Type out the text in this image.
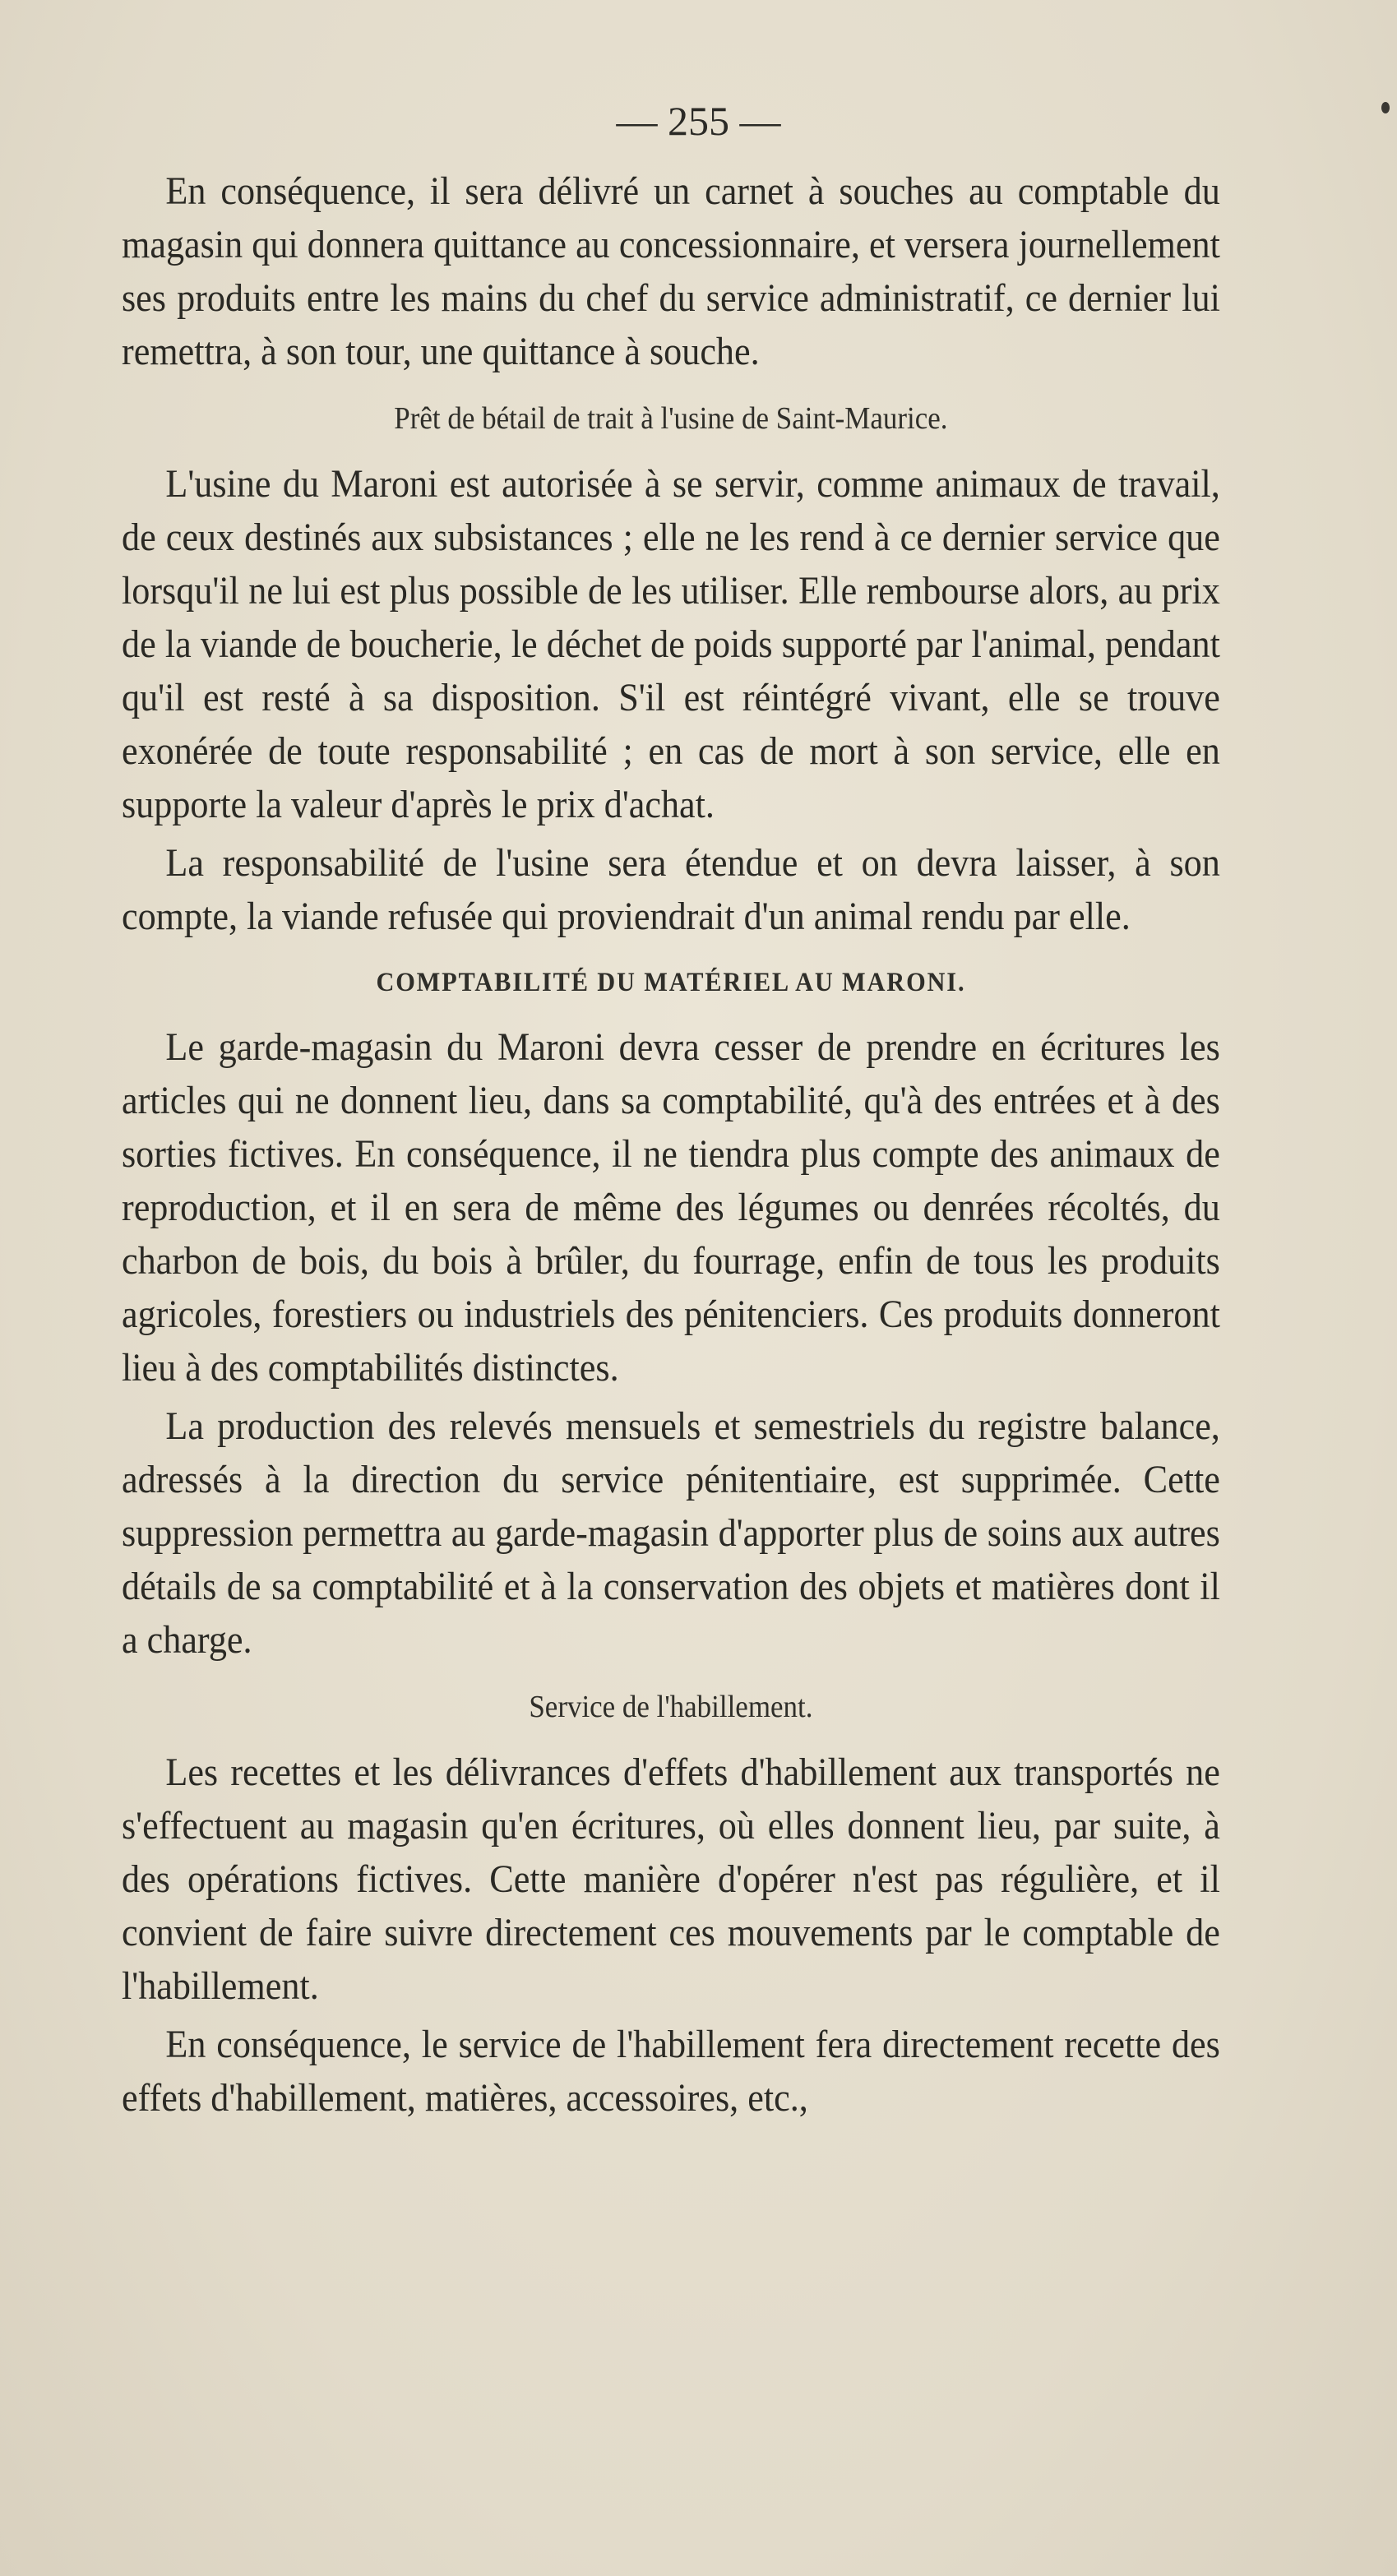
— 255 —

En conséquence, il sera délivré un carnet à souches au comptable du magasin qui donnera quittance au concessionnaire, et versera journellement ses produits entre les mains du chef du service administratif, ce dernier lui remettra, à son tour, une quittance à souche.

Prêt de bétail de trait à l'usine de Saint-Maurice.

L'usine du Maroni est autorisée à se servir, comme animaux de travail, de ceux destinés aux subsistances ; elle ne les rend à ce dernier service que lorsqu'il ne lui est plus possible de les utiliser. Elle rembourse alors, au prix de la viande de boucherie, le déchet de poids supporté par l'animal, pendant qu'il est resté à sa disposition. S'il est réintégré vivant, elle se trouve exonérée de toute responsabilité ; en cas de mort à son service, elle en supporte la valeur d'après le prix d'achat.

La responsabilité de l'usine sera étendue et on devra laisser, à son compte, la viande refusée qui proviendrait d'un animal rendu par elle.

COMPTABILITÉ DU MATÉRIEL AU MARONI.

Le garde-magasin du Maroni devra cesser de prendre en écritures les articles qui ne donnent lieu, dans sa comptabilité, qu'à des entrées et à des sorties fictives. En conséquence, il ne tiendra plus compte des animaux de reproduction, et il en sera de même des légumes ou denrées récoltés, du charbon de bois, du bois à brûler, du fourrage, enfin de tous les produits agricoles, forestiers ou industriels des pénitenciers. Ces produits donneront lieu à des comptabilités distinctes.

La production des relevés mensuels et semestriels du registre balance, adressés à la direction du service pénitentiaire, est supprimée. Cette suppression permettra au garde-magasin d'apporter plus de soins aux autres détails de sa comptabilité et à la conservation des objets et matières dont il a charge.

Service de l'habillement.

Les recettes et les délivrances d'effets d'habillement aux transportés ne s'effectuent au magasin qu'en écritures, où elles donnent lieu, par suite, à des opérations fictives. Cette manière d'opérer n'est pas régulière, et il convient de faire suivre directement ces mouvements par le comptable de l'habillement.

En conséquence, le service de l'habillement fera directement recette des effets d'habillement, matières, accessoires, etc.,
